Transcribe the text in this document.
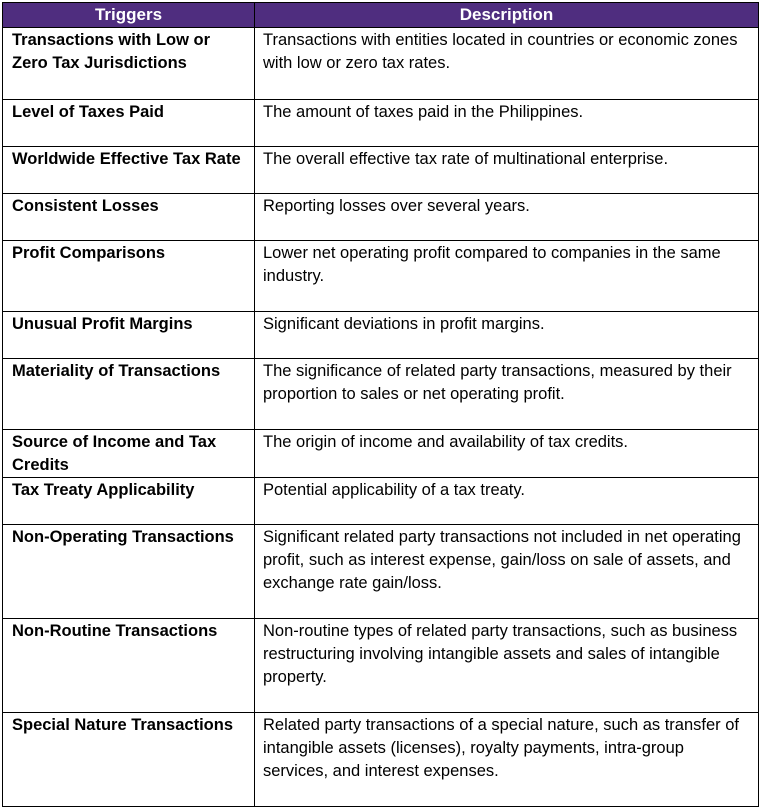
Triggers	Description
Transactions with Low or Zero Tax Jurisdictions	Transactions with entities located in countries or economic zones with low or zero tax rates.
Level of Taxes Paid	The amount of taxes paid in the Philippines.
Worldwide Effective Tax Rate	The overall effective tax rate of multinational enterprise.
Consistent Losses	Reporting losses over several years.
Profit Comparisons	Lower net operating profit compared to companies in the same industry.
Unusual Profit Margins	Significant deviations in profit margins.
Materiality of Transactions	The significance of related party transactions, measured by their proportion to sales or net operating profit.
Source of Income and Tax Credits	The origin of income and availability of tax credits.
Tax Treaty Applicability	Potential applicability of a tax treaty.
Non-Operating Transactions	Significant related party transactions not included in net operating profit, such as interest expense, gain/loss on sale of assets, and exchange rate gain/loss.
Non-Routine Transactions	Non-routine types of related party transactions, such as business restructuring involving intangible assets and sales of intangible property.
Special Nature Transactions	Related party transactions of a special nature, such as transfer of intangible assets (licenses), royalty payments, intra-group services, and interest expenses.
